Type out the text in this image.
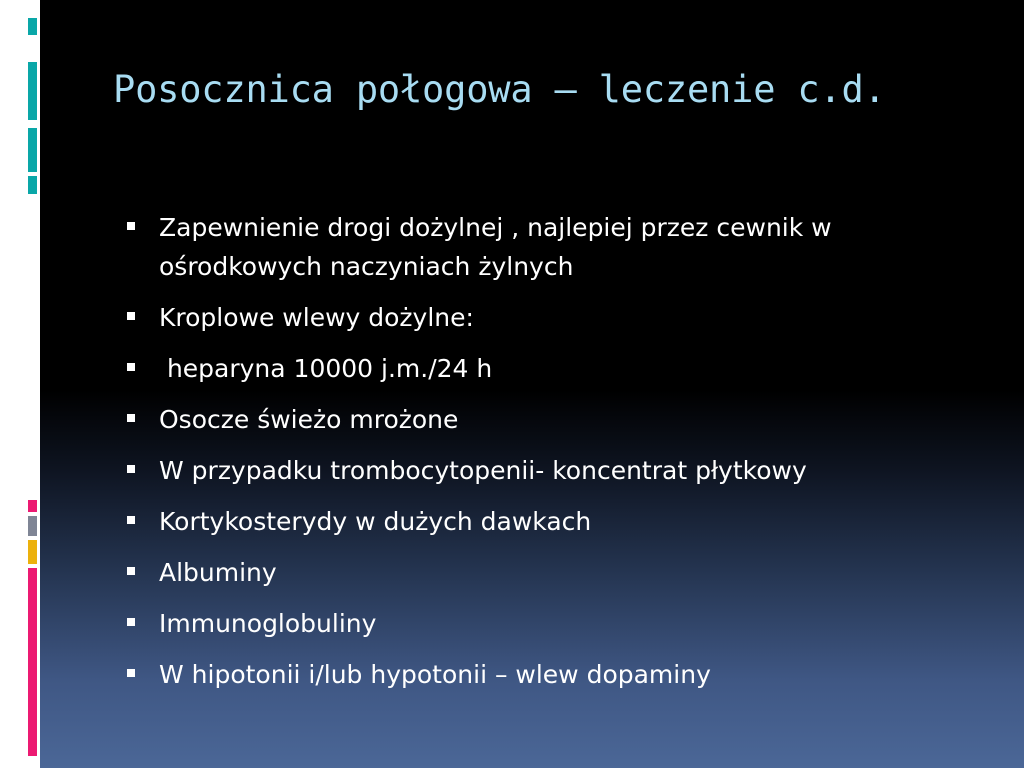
Posocznica połogowa – leczenie c.d.
Zapewnienie drogi dożylnej , najlepiej przez cewnik w ośrodkowych naczyniach żylnych
Kroplowe wlewy dożylne:
heparyna 10000 j.m./24 h
Osocze świeżo mrożone
W przypadku trombocytopenii- koncentrat płytkowy
Kortykosterydy w dużych dawkach
Albuminy
Immunoglobuliny
W hipotonii i/lub hypotonii – wlew dopaminy
